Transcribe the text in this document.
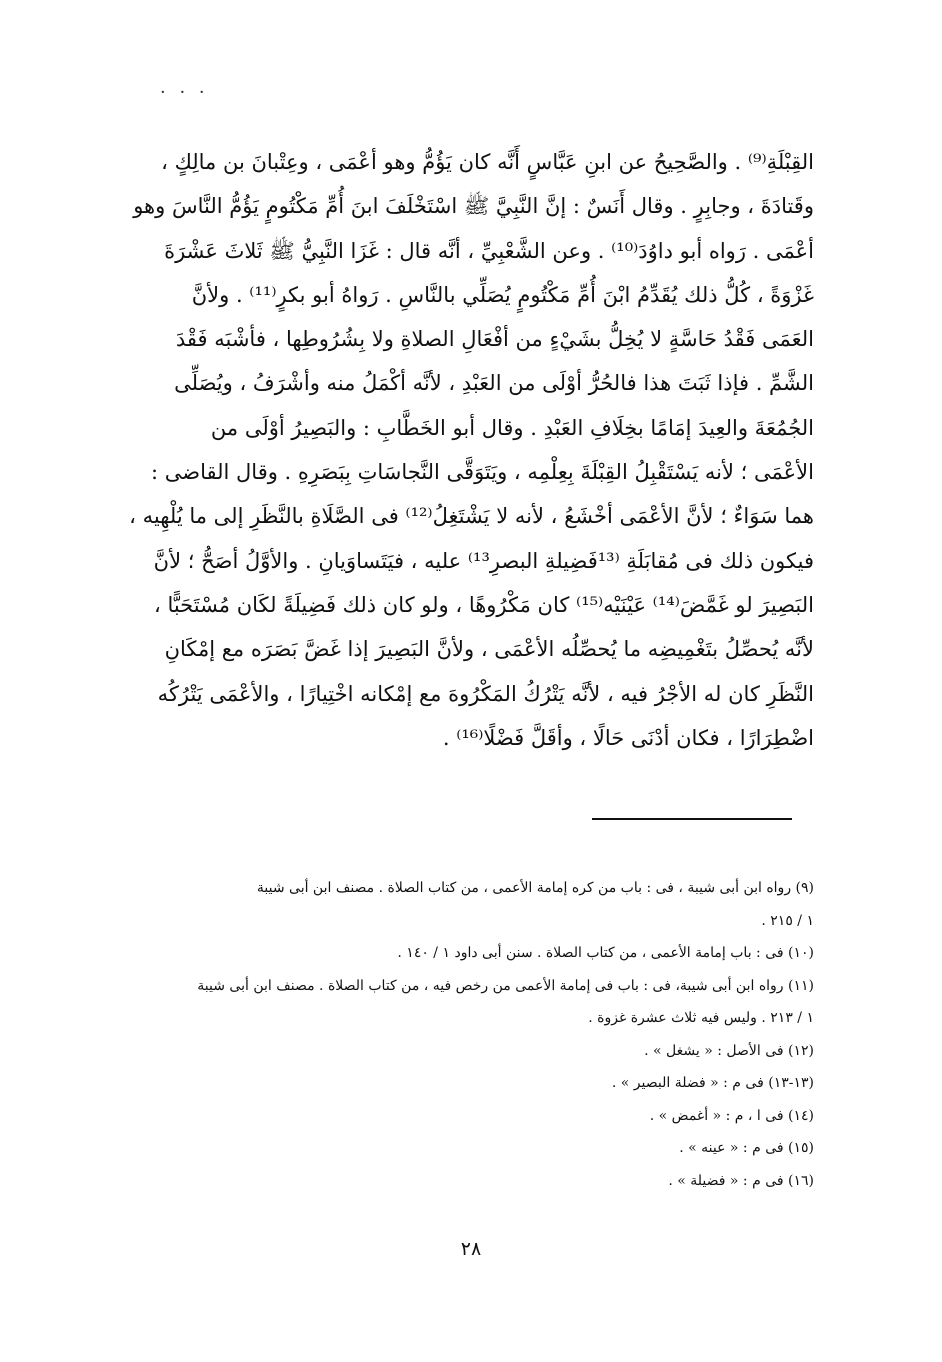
· · ·
القِبْلَةِ⁽⁹⁾ . والصَّحِيحُ عن ابنِ عَبَّاسٍ أَنَّه كان يَؤُمُّ وهو أعْمَى ، وعِتْبانَ بن مالِكٍ ،
وقَتادَةَ ، وجابِرٍ . وقال أَنَسٌ : إنَّ النَّبِيَّ ﷺ اسْتَخْلَفَ ابنَ أُمِّ مَكْتُومٍ يَؤُمُّ النَّاسَ وهو
أعْمَى . رَواه أبو داوُدَ⁽¹⁰⁾ . وعن الشَّعْبِيِّ ، أنَّه قال : غَزَا النَّبِيُّ ﷺ ثَلاثَ عَشْرَةَ
غَزْوَةً ، كُلُّ ذلك يُقَدِّمُ ابْنَ أُمِّ مَكْتُومٍ يُصَلِّي بالنَّاسِ . رَواهُ أبو بكرٍ⁽¹¹⁾ . ولأنَّ
العَمَى فَقْدُ حَاسَّةٍ لا يُخِلُّ بشَيْءٍ من أفْعَالِ الصلاةِ ولا بِشُرُوطِها ، فأشْبَه فَقْدَ
الشَّمِّ . فإذا ثَبَتَ هذا فالحُرُّ أوْلَى من العَبْدِ ، لأنَّه أكْمَلُ منه وأشْرَفُ ، ويُصَلِّى
الجُمُعَةَ والعِيدَ إمَامًا بخِلَافِ العَبْدِ . وقال أبو الخَطَّابِ : والبَصِيرُ أوْلَى من
الأعْمَى ؛ لأنه يَسْتَقْبِلُ القِبْلَةَ بِعِلْمِه ، ويَتَوَقَّى النَّجاسَاتِ بِبَصَرِهِ . وقال القاضى :
هما سَوَاءٌ ؛ لأنَّ الأعْمَى أخْشَعُ ، لأنه لا يَشْتَغِلُ⁽¹²⁾ فى الصَّلَاةِ بالنَّظَرِ إلى ما يُلْهِيه ،
فيكون ذلك فى مُقابَلَةِ ⁽¹³فَضِيلةِ البصرِ¹³⁾ عليه ، فيَتَساوَيانِ . والأوَّلُ أصَحُّ ؛ لأنَّ
البَصِيرَ لو غَمَّضَ⁽¹⁴⁾ عَيْنَيْه⁽¹⁵⁾ كان مَكْرُوهًا ، ولو كان ذلك فَضِيلَةً لكَان مُسْتَحَبًّا ،
لأنَّه يُحصِّلُ بتَغْمِيضِه ما يُحصِّلُه الأعْمَى ، ولأنَّ البَصِيرَ إذا غَضَّ بَصَرَه مع إمْكَانِ
النَّظَرِ كان له الأجْرُ فيه ، لأنَّه يَتْرُكُ المَكْرُوهَ مع إمْكانه اخْتِيارًا ، والأعْمَى يَتْرُكُه
اضْطِرَارًا ، فكان أدْنَى حَالًا ، وأقَلَّ فَضْلًا⁽¹⁶⁾ .
(٩) رواه ابن أبى شيبة ، فى : باب من كره إمامة الأعمى ، من كتاب الصلاة . مصنف ابن أبى شيبة
١ / ٢١٥ .
(١٠) فى : باب إمامة الأعمى ، من كتاب الصلاة . سنن أبى داود ١ / ١٤٠ .
(١١) رواه ابن أبى شيبة، فى : باب فى إمامة الأعمى من رخص فيه ، من كتاب الصلاة . مصنف ابن أبى شيبة
١ / ٢١٣ . وليس فيه ثلاث عشرة غزوة .
(١٢) فى الأصل : « يشغل » .
(١٣-١٣) فى م : « فضلة البصير » .
(١٤) فى ا ، م : « أغمض » .
(١٥) فى م : « عينه » .
(١٦) فى م : « فضيلة » .
٢٨
